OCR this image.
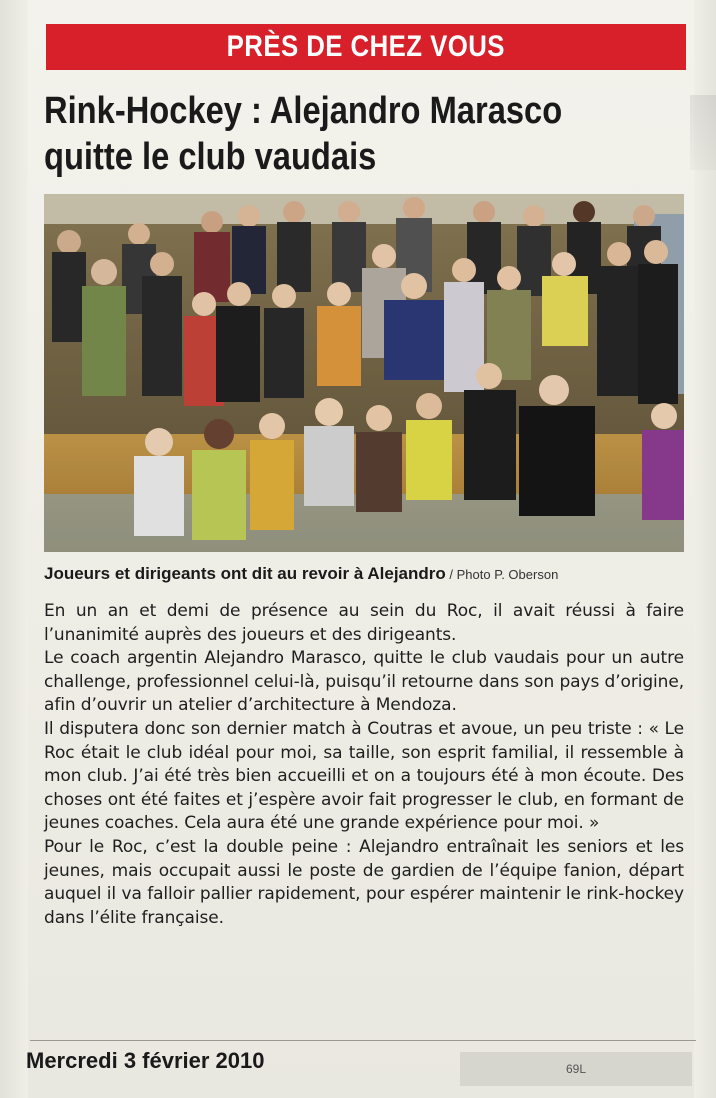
PRÈS DE CHEZ VOUS
Rink-Hockey : Alejandro Marasco quitte le club vaudais
Joueurs et dirigeants ont dit au revoir à Alejandro / Photo P. Oberson

En un an et demi de présence au sein du Roc, il avait réussi à faire l’unanimité auprès des joueurs et des dirigeants.

Le coach argentin Alejandro Marasco, quitte le club vaudais pour un autre challenge, professionnel celui-là, puisqu’il retourne dans son pays d’origine, afin d’ouvrir un atelier d’architecture à Mendoza.

Il disputera donc son dernier match à Coutras et avoue, un peu triste : « Le Roc était le club idéal pour moi, sa taille, son esprit familial, il ressemble à mon club. J’ai été très bien accueilli et on a toujours été à mon écoute. Des choses ont été faites et j’espère avoir fait progresser le club, en formant de jeunes coaches. Cela aura été une grande expérience pour moi. »

Pour le Roc, c’est la double peine : Alejandro entraînait les seniors et les jeunes, mais occupait aussi le poste de gardien de l’équipe fanion, départ auquel il va falloir pallier rapidement, pour espérer maintenir le rink-hockey dans l’élite française.

Mercredi 3 février 2010	69L
